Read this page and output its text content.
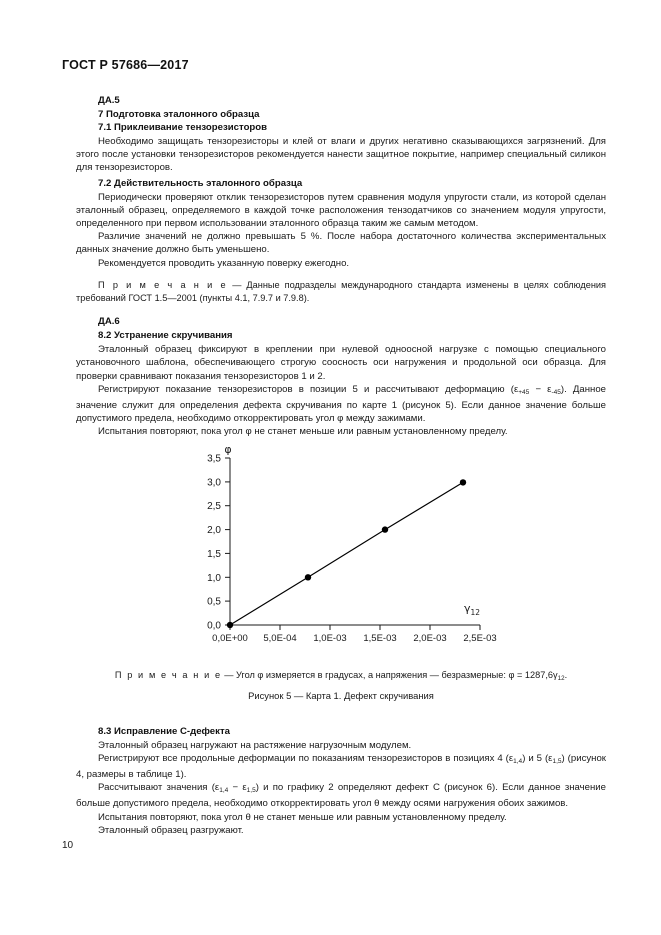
ГОСТ Р 57686—2017
ДА.5
7 Подготовка эталонного образца
7.1 Приклеивание тензорезисторов

Необходимо защищать тензорезисторы и клей от влаги и других негативно сказывающихся загрязнений. Для этого после установки тензорезисторов рекомендуется нанести защитное покрытие, например специальный силикон для тензорезисторов.

7.2 Действительность эталонного образца

Периодически проверяют отклик тензорезисторов путем сравнения модуля упругости стали, из которой сделан эталонный образец, определяемого в каждой точке расположения тензодатчиков со значением модуля упругости, определенного при первом использовании эталонного образца таким же самым методом.

Различие значений не должно превышать 5 %. После набора достаточного количества экспериментальных данных значение должно быть уменьшено.

Рекомендуется проводить указанную поверку ежегодно.

П р и м е ч а н и е — Данные подразделы международного стандарта изменены в целях соблюдения требований ГОСТ 1.5—2001 (пункты 4.1, 7.9.7 и 7.9.8).

ДА.6
8.2 Устранение скручивания

Эталонный образец фиксируют в креплении при нулевой одноосной нагрузке с помощью специального установочного шаблона, обеспечивающего строгую соосность оси нагружения и продольной оси образца. Для проверки сравнивают показания тензорезисторов 1 и 2.

Регистрируют показание тензорезисторов в позиции 5 и рассчитывают деформацию $(\varepsilon_{+45} - \varepsilon_{-45})$. Данное значение служит для определения дефекта скручивания по карте 1 (рисунок 5). Если данное значение больше допустимого предела, необходимо откорректировать угол φ между зажимами.

Испытания повторяют, пока угол φ не станет меньше или равным установленному пределу.

3,5
3,0
2,5
2,0
1,5
1,0
0,5
0,0
0,0E+00 5,0E-04 1,0E-03 1,5E-03 2,0E-03 2,5E-03
φ
$\gamma_{12}$
П р и м е ч а н и е — Угол φ измеряется в градусах, а напряжения — безразмерные: $\varphi = 1287,6\gamma_{12}$.
Рисунок 5 — Карта 1. Дефект скручивания
8.3 Исправление С-дефекта

Эталонный образец нагружают на растяжение нагрузочным модулем.

Регистрируют все продольные деформации по показаниям тензорезисторов в позициях 4 $(\varepsilon_{1,4})$ и 5 $(\varepsilon_{1,5})$ (рисунок 4, размеры в таблице 1).

Рассчитывают значения $(\varepsilon_{1,4} - \varepsilon_{1,5})$ и по графику 2 определяют дефект С (рисунок 6). Если данное значение больше допустимого предела, необходимо откорректировать угол θ между осями нагружения обоих зажимов.

Испытания повторяют, пока угол θ не станет меньше или равным установленному пределу.

Эталонный образец разгружают.

10
